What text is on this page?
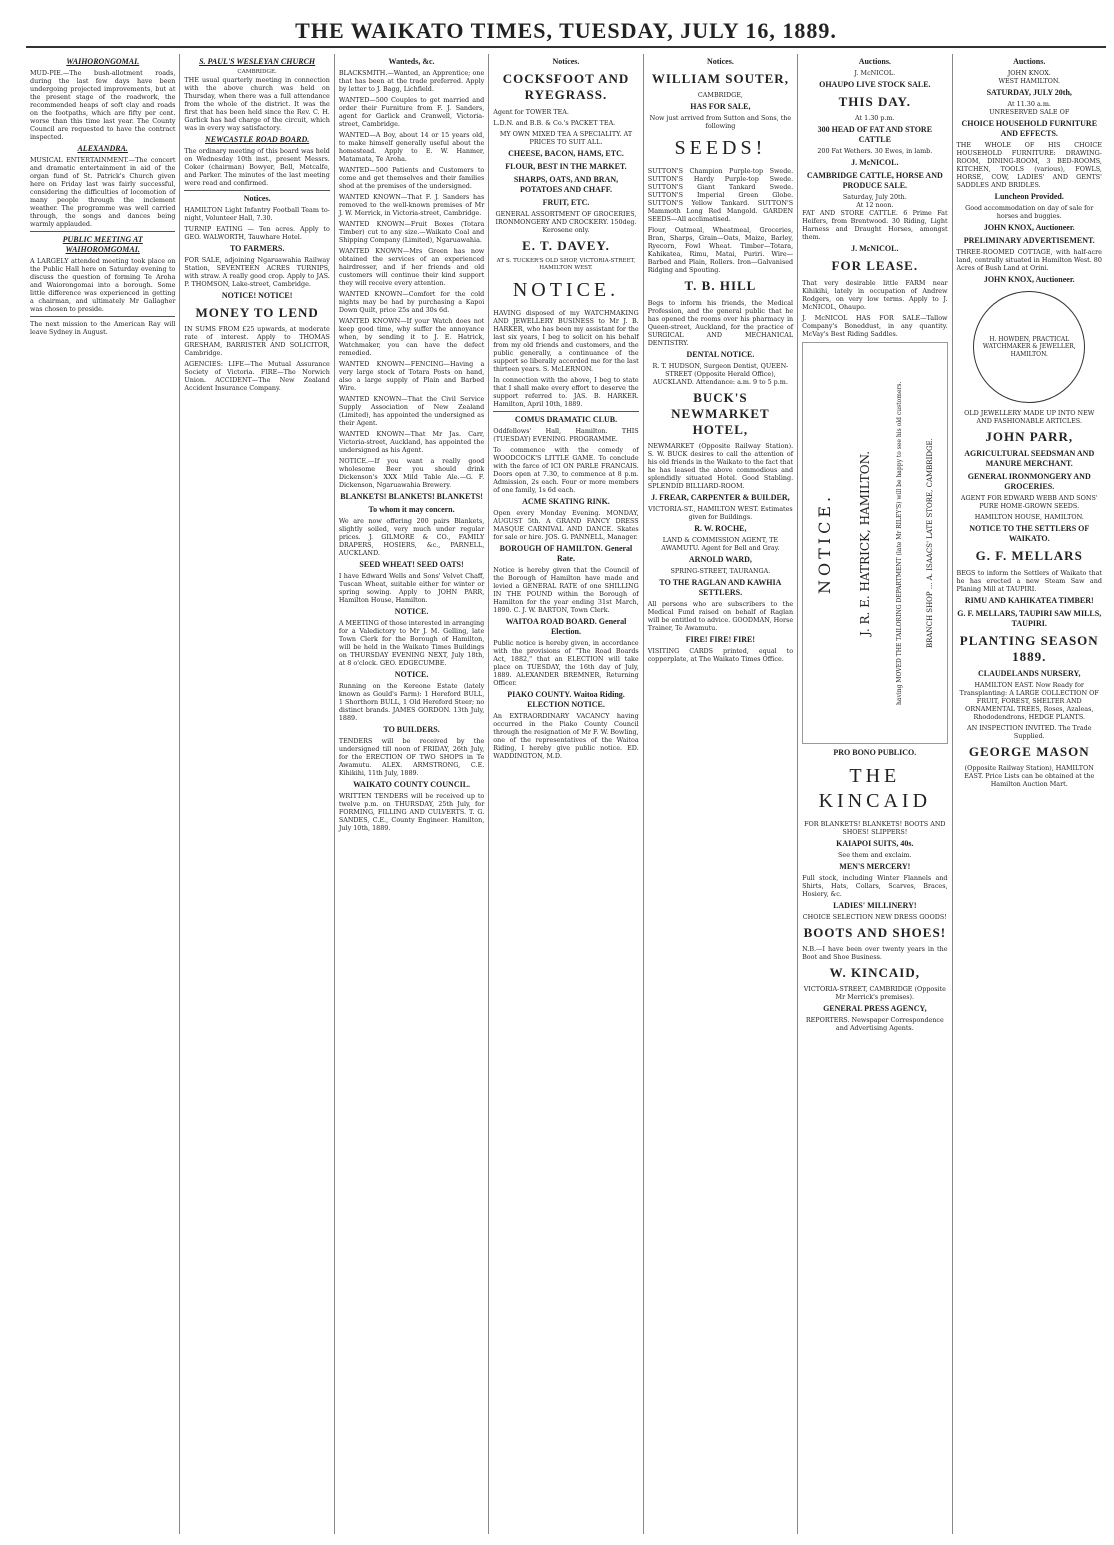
THE WAIKATO TIMES, TUESDAY, JULY 16, 1889.
WAIHORONGOMAI.

MUD-PIE.—The bush-allotment roads, during the last few days have been undergoing projected improvements, but at the present stage of the roadwork, the recommended heaps of soft clay and roads on the footpaths, which are fifty per cent. worse than this time last year. The County Council are requested to have the contract inspected.

ALEXANDRA.

MUSICAL ENTERTAINMENT.—The concert and dramatic entertainment in aid of the organ fund of St. Patrick's Church given here on Friday last was fairly successful, considering the difficulties of locomotion of many people through the inclement weather. The programme was well carried through, the songs and dances being warmly applauded.

PUBLIC MEETING AT WAIHOROMGOMAI.

A LARGELY attended meeting took place on the Public Hall here on Saturday evening to discuss the question of forming Te Aroha and Waiorongomai into a borough. Some little difference was experienced in getting a chairman, and ultimately Mr Gallagher was chosen to preside.

The next mission to the American Ray will leave Sydney in August.

S. PAUL'S WESLEYAN CHURCH
CAMBRIDGE.

THE usual quarterly meeting in connection with the above church was held on Thursday, when there was a full attendance from the whole of the district. It was the first that has been held since the Rev. C. H. Garlick has had charge of the circuit, which was in every way satisfactory.

NEWCASTLE ROAD BOARD.

The ordinary meeting of this board was held on Wednesday 10th inst., present Messrs. Coker (chairman) Bowyer, Bell, Metcalfe, and Parker. The minutes of the last meeting were read and confirmed.

Notices.

HAMILTON Light Infantry Football Team to-night, Volunteer Hall, 7.30.

TURNIP EATING — Ten acres. Apply to GEO. WALWORTH, Tauwhare Hotel.

TO FARMERS.

FOR SALE, adjoining Ngaruawahia Railway Station, SEVENTEEN ACRES TURNIPS, with straw. A really good crop. Apply to JAS. P. THOMSON, Lake-street, Cambridge.

NOTICE! NOTICE!
MONEY TO LEND

IN SUMS FROM £25 upwards, at moderate rate of interest. Apply to THOMAS GRESHAM, BARRISTER AND SOLICITOR, Cambridge.

AGENCIES: LIFE—The Mutual Assurance Society of Victoria. FIRE—The Norwich Union. ACCIDENT—The New Zealand Accident Insurance Company.

Wanteds, &c.

BLACKSMITH.—Wanted, an Apprentice; one that has been at the trade preferred. Apply by letter to J. Bagg, Lichfield.

WANTED—500 Couples to get married and order their Furniture from F. J. Sanders, agent for Garlick and Cranwell, Victoria-street, Cambridge.

WANTED—A Boy, about 14 or 15 years old, to make himself generally useful about the homestead. Apply to E. W. Hanmer, Matamata, Te Aroha.

WANTED—500 Patients and Customers to come and get themselves and their families shod at the premises of the undersigned.

WANTED KNOWN—That F. J. Sanders has removed to the well-known premises of Mr J. W. Merrick, in Victoria-street, Cambridge.

WANTED KNOWN—Fruit Boxes (Totara Timber) cut to any size.—Waikato Coal and Shipping Company (Limited), Ngaruawahia.

WANTED KNOWN—Mrs Green has now obtained the services of an experienced hairdresser, and if her friends and old customers will continue their kind support they will receive every attention.

WANTED KNOWN—Comfort for the cold nights may be had by purchasing a Kapoi Down Quilt, price 25s and 30s 6d.

WANTED KNOWN—If your Watch does not keep good time, why suffer the annoyance when, by sending it to J. E. Hatrick, Watchmaker, you can have the defect remedied.

WANTED KNOWN—FENCING—Having a very large stock of Totara Posts on hand, also a large supply of Plain and Barbed Wire.

WANTED KNOWN—That the Civil Service Supply Association of New Zealand (Limited), has appointed the undersigned as their Agent.

WANTED KNOWN—That Mr Jas. Carr, Victoria-street, Auckland, has appointed the undersigned as his Agent.

NOTICE.—If you want a really good wholesome Beer you should drink Dickenson's XXX Mild Table Ale.—G. F. Dickenson, Ngaruawahia Brewery.

BLANKETS! BLANKETS! BLANKETS!
To whom it may concern.

We are now offering 200 pairs Blankets, slightly soiled, very much under regular prices. J. GILMORE & CO., FAMILY DRAPERS, HOSIERS, &c., PARNELL, AUCKLAND.

SEED WHEAT! SEED OATS!

I have Edward Wells and Sons' Velvet Chaff, Tuscan Wheat, suitable either for winter or spring sowing. Apply to JOHN PARR, Hamilton House, Hamilton.

NOTICE.

A MEETING of those interested in arranging for a Valedictory to Mr J. M. Gelling, late Town Clerk for the Borough of Hamilton, will be held in the Waikato Times Buildings on THURSDAY EVENING NEXT, July 18th, at 8 o'clock. GEO. EDGECUMBE.

NOTICE.

Running on the Kereone Estate (lately known as Gould's Farm): 1 Hereford BULL, 1 Shorthorn BULL, 1 Old Hereford Steer; no distinct brands. JAMES GORDON. 13th July, 1889.

TO BUILDERS.

TENDERS will be received by the undersigned till noon of FRIDAY, 26th July, for the ERECTION OF TWO SHOPS in Te Awamutu. ALEX. ARMSTRONG, C.E. Kihikihi, 11th July, 1889.

WAIKATO COUNTY COUNCIL.

WRITTEN TENDERS will be received up to twelve p.m. on THURSDAY, 25th July, for FORMING, FILLING AND CULVERTS. T. G. SANDES, C.E., County Engineer. Hamilton, July 10th, 1889.

Notices.
COCKSFOOT AND RYEGRASS.

Agent for TOWER TEA.

L.D.N. and B.B. & Co.'s PACKET TEA.

MY OWN MIXED TEA A SPECIALITY. AT PRICES TO SUIT ALL.

CHEESE, BACON, HAMS, ETC.
FLOUR, BEST IN THE MARKET.
SHARPS, OATS, AND BRAN, POTATOES AND CHAFF.
FRUIT, ETC.

GENERAL ASSORTMENT OF GROCERIES, IRONMONGERY AND CROCKERY. 150deg. Kerosene only.

E. T. DAVEY.

AT S. TUCKER'S OLD SHOP, VICTORIA-STREET, HAMILTON WEST.

NOTICE.

HAVING disposed of my WATCHMAKING AND JEWELLERY BUSINESS to Mr J. B. HARKER, who has been my assistant for the last six years, I beg to solicit on his behalf from my old friends and customers, and the public generally, a continuance of the support so liberally accorded me for the last thirteen years. S. McLERNON.

In connection with the above, I beg to state that I shall make every effort to deserve the support referred to. JAS. B. HARKER. Hamilton, April 10th, 1889.

COMUS DRAMATIC CLUB.

Oddfellows' Hall, Hamilton. THIS (TUESDAY) EVENING. PROGRAMME.

To commence with the comedy of WOODCOCK'S LITTLE GAME. To conclude with the farce of ICI ON PARLE FRANCAIS. Doors open at 7.30, to commence at 8 p.m. Admission, 2s each. Four or more members of one family, 1s 6d each.

ACME SKATING RINK.

Open every Monday Evening. MONDAY, AUGUST 5th. A GRAND FANCY DRESS MASQUE CARNIVAL AND DANCE. Skates for sale or hire. JOS. G. PANNELL, Manager.

BOROUGH OF HAMILTON. General Rate.

Notice is hereby given that the Council of the Borough of Hamilton have made and levied a GENERAL RATE of one SHILLING IN THE POUND within the Borough of Hamilton for the year ending 31st March, 1890. C. J. W. BARTON, Town Clerk.

WAITOA ROAD BOARD. General Election.

Public notice is hereby given, in accordance with the provisions of "The Road Boards Act, 1882," that an ELECTION will take place on TUESDAY, the 16th day of July, 1889. ALEXANDER BREMNER, Returning Officer.

PIAKO COUNTY. Waitoa Riding. ELECTION NOTICE.

An EXTRAORDINARY VACANCY having occurred in the Piako County Council through the resignation of Mr F. W. Bowling, one of the representatives of the Waitoa Riding, I hereby give public notice. ED. WADDINGTON, M.D.

Notices.
WILLIAM SOUTER,
CAMBRIDGE,
HAS FOR SALE,

Now just arrived from Sutton and Sons, the following

SEEDS!

SUTTON'S Champion Purple-top Swede. SUTTON'S Hardy Purple-top Swede. SUTTON'S Giant Tankard Swede. SUTTON'S Imperial Green Globe. SUTTON'S Yellow Tankard. SUTTON'S Mammoth Long Red Mangold. GARDEN SEEDS—All acclimatised.

Flour, Oatmeal, Wheatmeal, Groceries, Bran, Sharps, Grain—Oats, Maize, Barley, Ryecorn, Fowl Wheat. Timber—Totara, Kahikatea, Rimu, Matai, Puriri. Wire—Barbed and Plain, Rollers. Iron—Galvanised Ridging and Spouting.

T. B. HILL

Begs to inform his friends, the Medical Profession, and the general public that he has opened the rooms over his pharmacy in Queen-street, Auckland, for the practice of SURGICAL AND MECHANICAL DENTISTRY.

DENTAL NOTICE.

R. T. HUDSON, Surgeon Dentist, QUEEN-STREET (Opposite Herald Office), AUCKLAND. Attendance: a.m. 9 to 5 p.m.

BUCK'S NEWMARKET HOTEL,

NEWMARKET (Opposite Railway Station). S. W. BUCK desires to call the attention of his old friends in the Waikato to the fact that he has leased the above commodious and splendidly situated Hotel. Good Stabling. SPLENDID BILLIARD-ROOM.

J. FREAR, CARPENTER & BUILDER,

VICTORIA-ST., HAMILTON WEST. Estimates given for Buildings.

R. W. ROCHE,

LAND & COMMISSION AGENT, TE AWAMUTU. Agent for Bell and Gray.

ARNOLD WARD,

SPRING-STREET, TAURANGA.

TO THE RAGLAN AND KAWHIA SETTLERS.

All persons who are subscribers to the Medical Fund raised on behalf of Raglan will be entitled to advice. GOODMAN, Horse Trainer, Te Awamutu.

FIRE! FIRE! FIRE!

VISITING CARDS printed, equal to copperplate, at The Waikato Times Office.

Auctions.
J. McNICOL.
OHAUPO LIVE STOCK SALE.
THIS DAY.
At 1.30 p.m.
300 HEAD OF FAT AND STORE CATTLE

200 Fat Wethers. 30 Ewes, in lamb.

J. McNICOL.
CAMBRIDGE CATTLE, HORSE AND PRODUCE SALE.
Saturday, July 20th.
At 12 noon.

FAT AND STORE CATTLE. 6 Prime Fat Heifers, from Brentwood. 30 Riding, Light Harness and Draught Horses, amongst them.

J. McNICOL.
FOR LEASE.

That very desirable little FARM near Kihikihi, lately in occupation of Andrew Rodgers, on very low terms. Apply to J. McNICOL, Ohaupo.

J. McNICOL HAS FOR SALE—Tallow Company's Boneddust, in any quantity. McVay's Best Riding Saddles.

NOTICE. J. R. E. HATRICK, HAMILTON.	having MOVED THE TAILORING DEPARTMENT (late Mr RILEY'S) will be happy to see his old customers.	BRANCH SHOP ... A. ISAACS' LATE STORE, CAMBRIDGE.
PRO BONO PUBLICO.
THE KINCAID

FOR BLANKETS! BLANKETS! BOOTS AND SHOES! SLIPPERS!

KAIAPOI SUITS, 40s.
See them and exclaim.
MEN'S MERCERY!

Full stock, including Winter Flannels and Shirts, Hats, Collars, Scarves, Braces, Hosiery, &c.

LADIES' MILLINERY!
CHOICE SELECTION NEW DRESS GOODS!
BOOTS AND SHOES!

N.B.—I have been over twenty years in the Boot and Shoe Business.

W. KINCAID,

VICTORIA-STREET, CAMBRIDGE (Opposite Mr Merrick's premises).

GENERAL PRESS AGENCY,

REPORTERS. Newspaper Correspondence and Advertising Agents.

Auctions.
JOHN KNOX.
WEST HAMILTON.
SATURDAY, JULY 20th,
At 11.30 a.m.
UNRESERVED SALE OF
CHOICE HOUSEHOLD FURNITURE AND EFFECTS.

THE WHOLE OF HIS CHOICE HOUSEHOLD FURNITURE: DRAWING-ROOM, DINING-ROOM, 3 BED-ROOMS, KITCHEN, TOOLS (various), FOWLS, HORSE, COW, LADIES' AND GENTS' SADDLES AND BRIDLES.

Luncheon Provided.

Good accommodation on day of sale for horses and buggies.

JOHN KNOX, Auctioneer.
PRELIMINARY ADVERTISEMENT.

THREE-ROOMED COTTAGE, with half-acre land, centrally situated in Hamilton West. 80 Acres of Bush Land at Orini.

JOHN KNOX, Auctioneer.
H. HOWDEN, PRACTICAL WATCHMAKER & JEWELLER, HAMILTON.

OLD JEWELLERY MADE UP INTO NEW AND FASHIONABLE ARTICLES.

JOHN PARR,
AGRICULTURAL SEEDSMAN AND MANURE MERCHANT.
GENERAL IRONMONGERY AND GROCERIES.

AGENT FOR EDWARD WEBB AND SONS' PURE HOME-GROWN SEEDS.

HAMILTON HOUSE, HAMILTON.
NOTICE TO THE SETTLERS OF WAIKATO.
G. F. MELLARS

BEGS to inform the Settlers of Waikato that he has erected a new Steam Saw and Planing Mill at TAUPIRI.

RIMU AND KAHIKATEA TIMBER!
G. F. MELLARS, TAUPIRI SAW MILLS, TAUPIRI.
PLANTING SEASON 1889.
CLAUDELANDS NURSERY,

HAMILTON EAST. Now Ready for Transplanting: A LARGE COLLECTION OF FRUIT, FOREST, SHELTER AND ORNAMENTAL TREES, Roses, Azaleas, Rhododendrons, HEDGE PLANTS.

AN INSPECTION INVITED. The Trade Supplied.
GEORGE MASON

(Opposite Railway Station), HAMILTON EAST. Price Lists can be obtained at the Hamilton Auction Mart.
